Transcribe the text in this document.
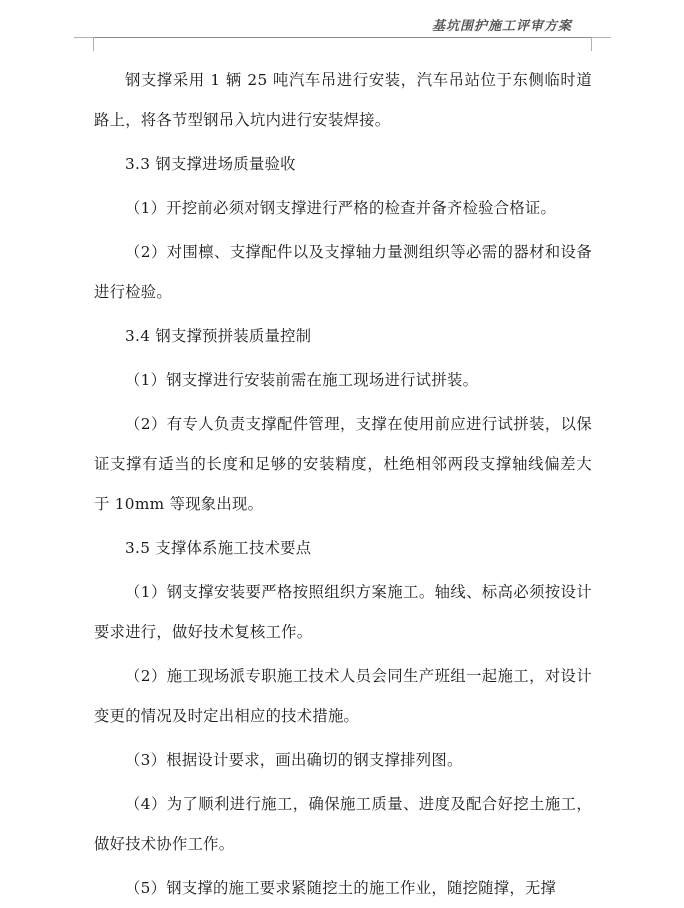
基坑围护施工评审方案

钢支撑采用 1 辆 25 吨汽车吊进行安装，汽车吊站位于东侧临时道路上，将各节型钢吊入坑内进行安装焊接。

3.3 钢支撑进场质量验收

（1）开挖前必须对钢支撑进行严格的检查并备齐检验合格证。

（2）对围檩、支撑配件以及支撑轴力量测组织等必需的器材和设备进行检验。

3.4 钢支撑预拼装质量控制

（1）钢支撑进行安装前需在施工现场进行试拼装。

（2）有专人负责支撑配件管理，支撑在使用前应进行试拼装，以保证支撑有适当的长度和足够的安装精度，杜绝相邻两段支撑轴线偏差大于 10mm 等现象出现。

3.5 支撑体系施工技术要点

（1）钢支撑安装要严格按照组织方案施工。轴线、标高必须按设计要求进行，做好技术复核工作。

（2）施工现场派专职施工技术人员会同生产班组一起施工，对设计变更的情况及时定出相应的技术措施。

（3）根据设计要求，画出确切的钢支撑排列图。

（4）为了顺利进行施工，确保施工质量、进度及配合好挖土施工，做好技术协作工作。

（5）钢支撑的施工要求紧随挖土的施工作业，随挖随撑，无撑
